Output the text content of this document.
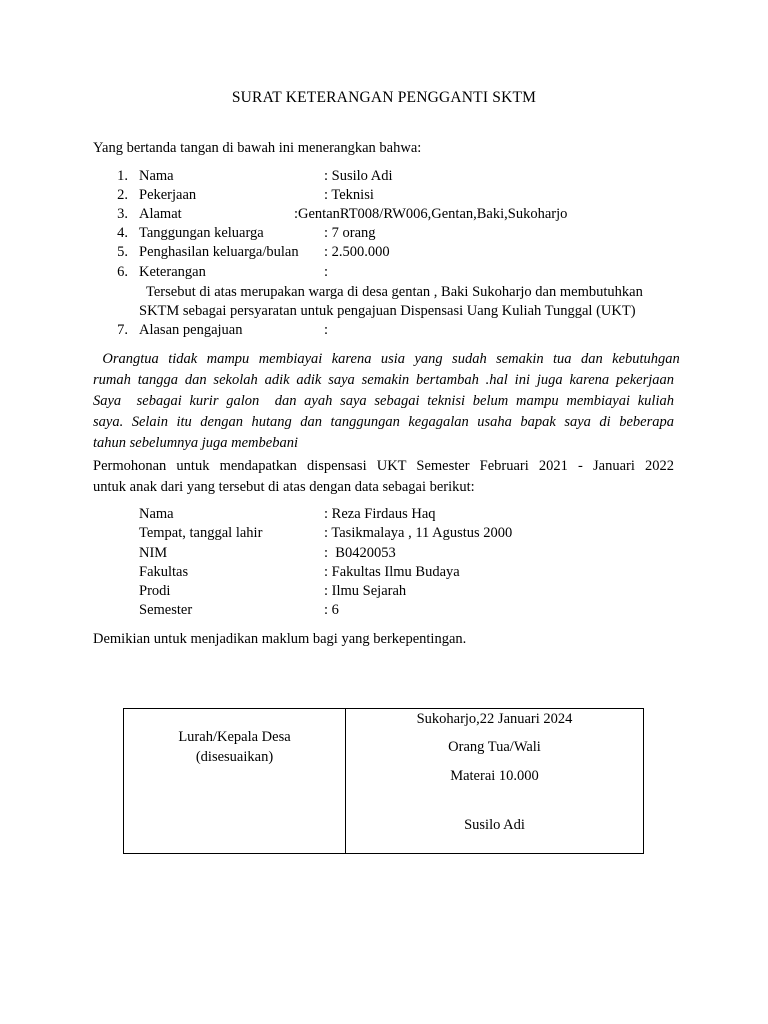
SURAT KETERANGAN PENGGANTI SKTM
Yang bertanda tangan di bawah ini menerangkan bahwa:
1. Nama	: Susilo Adi
2. Pekerjaan	: Teknisi
3. Alamat	:GentanRT008/RW006,Gentan,Baki,Sukoharjo
4. Tanggungan keluarga	: 7 orang
5. Penghasilan keluarga/bulan : 2.500.000
6. Keterangan	:
Tersebut di atas merupakan warga di desa gentan , Baki Sukoharjo dan membutuhkan
SKTM sebagai persyaratan untuk pengajuan Dispensasi Uang Kuliah Tunggal (UKT)
7. Alasan pengajuan	:
Orangtua tidak mampu membiayai karena usia yang sudah semakin tua dan kebutuhgan
rumah tangga dan sekolah adik adik saya semakin bertambah .hal ini juga karena pekerjaan
Saya  sebagai kurir galon  dan ayah saya sebagai teknisi belum mampu membiayai kuliah
saya. Selain itu dengan hutang dan tanggungan kegagalan usaha bapak saya di beberapa
tahun sebelumnya juga membebani
Permohonan untuk mendapatkan dispensasi UKT Semester Februari 2021 - Januari 2022
untuk anak dari yang tersebut di atas dengan data sebagai berikut:
Nama	: Reza Firdaus Haq
Tempat, tanggal lahir	: Tasikmalaya , 11 Agustus 2000
NIM	:  B0420053
Fakultas	: Fakultas Ilmu Budaya
Prodi	: Ilmu Sejarah
Semester	: 6
Demikian untuk menjadikan maklum bagi yang berkepentingan.
Lurah/Kepala Desa
(disesuaikan)
Sukoharjo,22 Januari 2024
Orang Tua/Wali
Materai 10.000
Susilo Adi
